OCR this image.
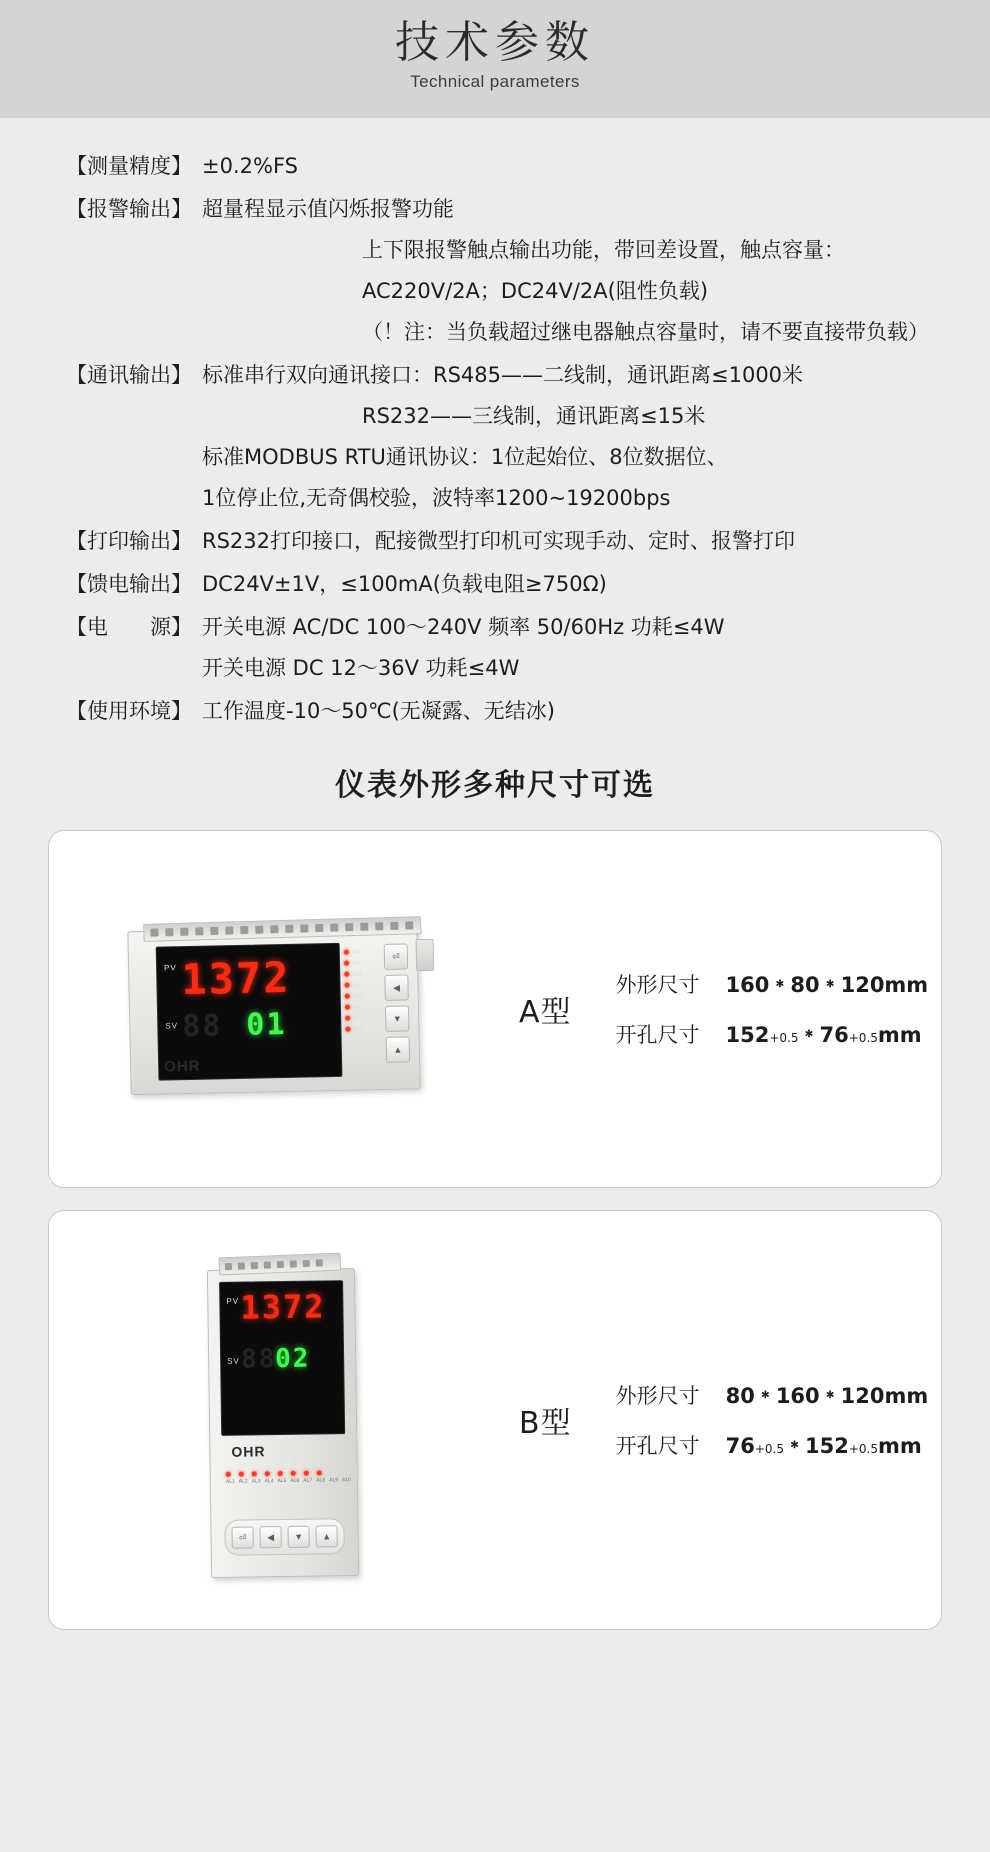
技术参数
Technical parameters
【测量精度】 ±0.2%FS
【报警输出】 超量程显示值闪烁报警功能
上下限报警触点输出功能，带回差设置，触点容量：
AC220V/2A；DC24V/2A(阻性负载)
（！注：当负载超过继电器触点容量时，请不要直接带负载）
【通讯输出】 标准串行双向通讯接口：RS485——二线制，通讯距离≤1000米
RS232——三线制，通讯距离≤15米
标准MODBUS RTU通讯协议：1位起始位、8位数据位、
1位停止位,无奇偶校验，波特率1200~19200bps
【打印输出】 RS232打印接口，配接微型打印机可实现手动、定时、报警打印
【馈电输出】 DC24V±1V，≤100mA(负载电阻≥750Ω)
【电　　源】 开关电源 AC/DC 100～240V 频率 50/60Hz 功耗≤4W
开关电源 DC 12～36V 功耗≤4W
【使用环境】 工作温度-10～50℃(无凝露、无结冰)
仪表外形多种尺寸可选
PV
SV
1372
88 01
OHR
AL1
AL2
AL3
AL4
AL5
AL6
AL7
AL8
⏎
◀
▼
▲
A型
外形尺寸	160﹡80﹡120mm
开孔尺寸	152 +0.5 ﹡76 +0.5 mm
PV
SV
1372
88
02
OHR
AL1 AL2 AL3 AL4 AL5 AL6 AL7 AL8 AL9 A10
⏎	◀	▼	▲
B型
外形尺寸	80﹡160﹡120mm
开孔尺寸	76 +0.5 ﹡152 +0.5 mm
